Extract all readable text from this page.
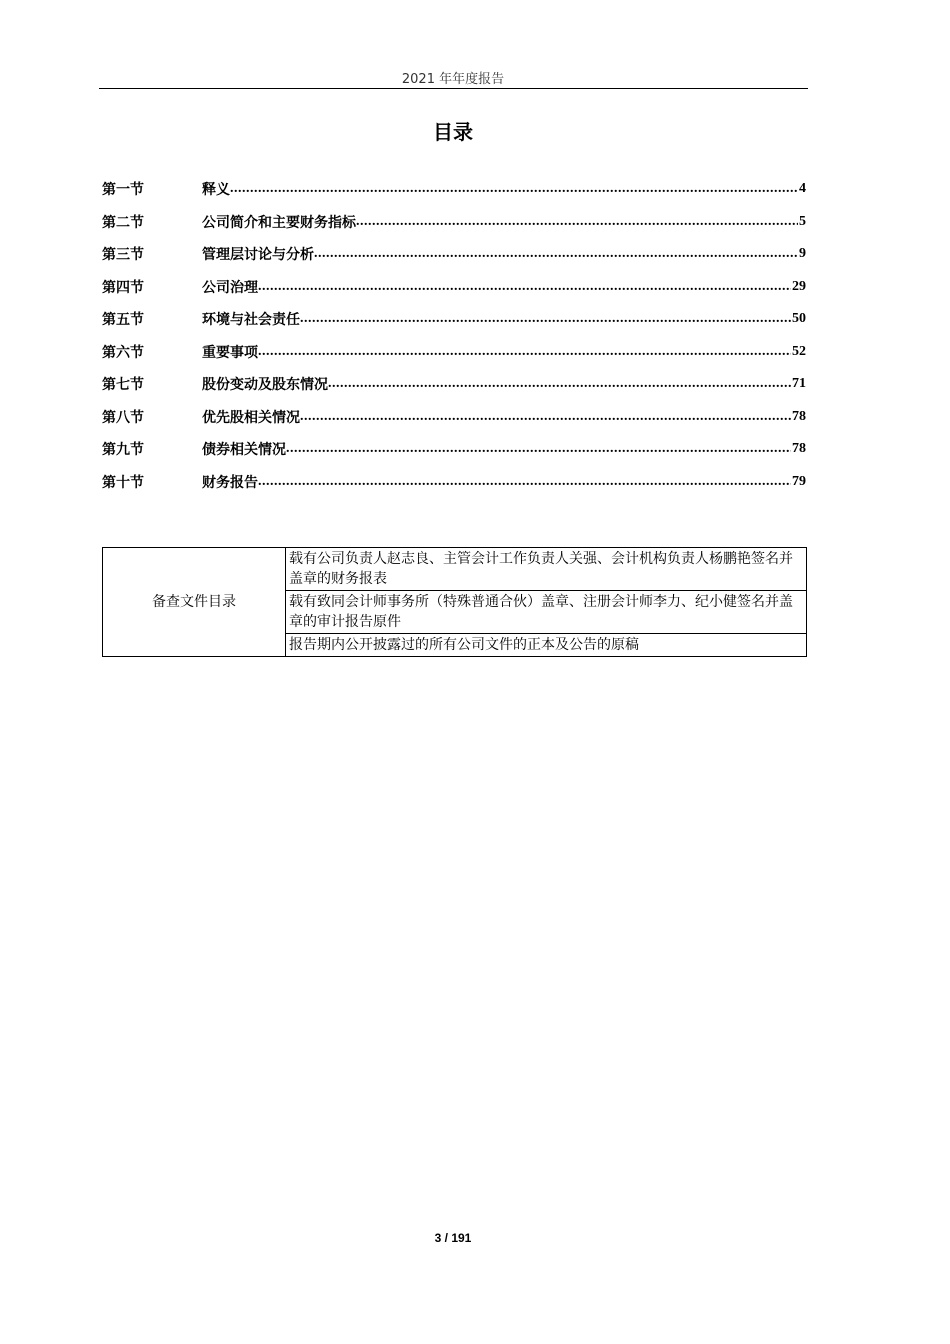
2021 年年度报告
目录
第一节	释义 .....	4
第二节	公司简介和主要财务指标 .....	5
第三节	管理层讨论与分析 .....	9
第四节	公司治理 .....	29
第五节	环境与社会责任 .....	50
第六节	重要事项 .....	52
第七节	股份变动及股东情况 .....	71
第八节	优先股相关情况 .....	78
第九节	债券相关情况 .....	78
第十节	财务报告 .....	79
备查文件目录	载有公司负责人赵志良、主管会计工作负责人关强、会计机构负责人杨鹏艳签名并盖章的财务报表
载有致同会计师事务所（特殊普通合伙）盖章、注册会计师李力、纪小健签名并盖章的审计报告原件
报告期内公开披露过的所有公司文件的正本及公告的原稿
3 / 191
